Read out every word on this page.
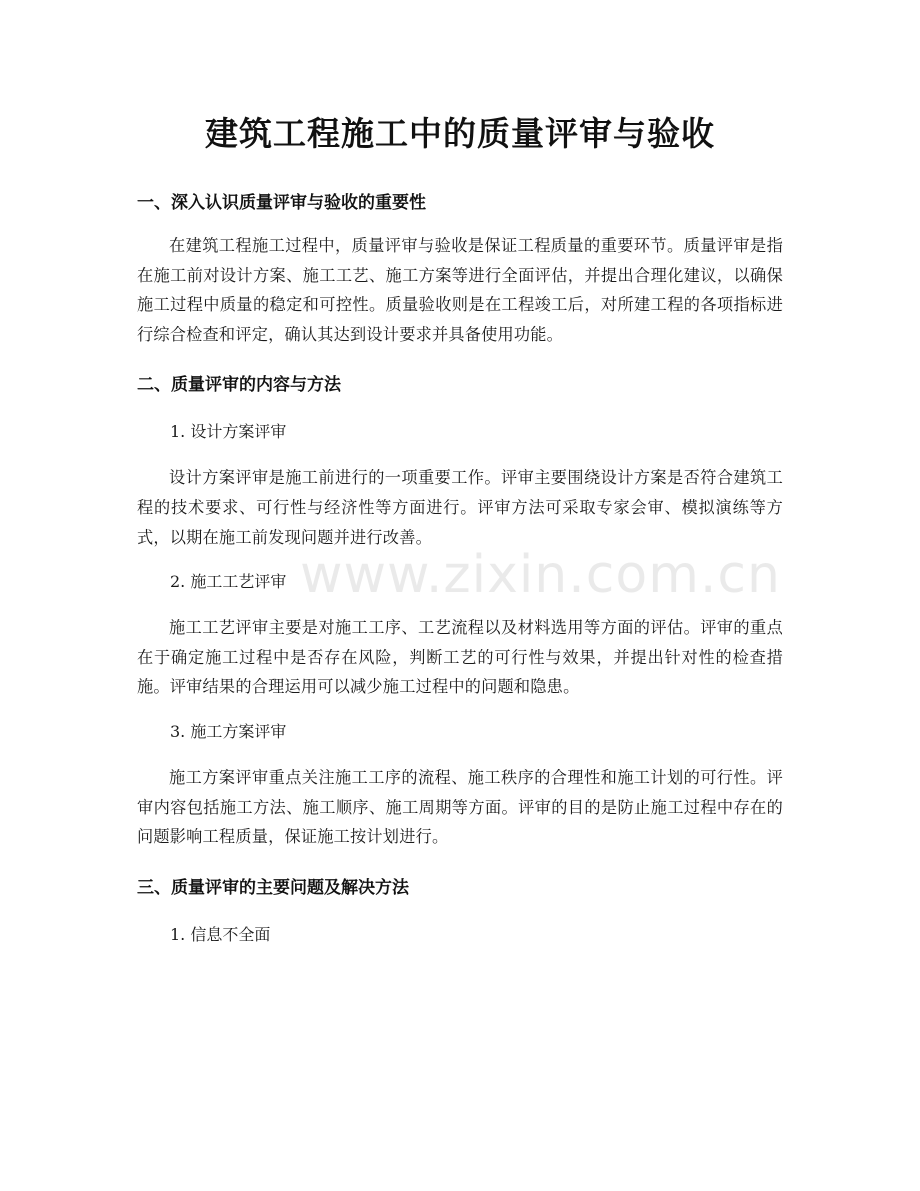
建筑工程施工中的质量评审与验收
www.zixin.com.cn
一、深入认识质量评审与验收的重要性

在建筑工程施工过程中，质量评审与验收是保证工程质量的重要环节。质量评审是指在施工前对设计方案、施工工艺、施工方案等进行全面评估，并提出合理化建议，以确保施工过程中质量的稳定和可控性。质量验收则是在工程竣工后，对所建工程的各项指标进行综合检查和评定，确认其达到设计要求并具备使用功能。

二、质量评审的内容与方法

1. 设计方案评审

设计方案评审是施工前进行的一项重要工作。评审主要围绕设计方案是否符合建筑工程的技术要求、可行性与经济性等方面进行。评审方法可采取专家会审、模拟演练等方式，以期在施工前发现问题并进行改善。

2. 施工工艺评审

施工工艺评审主要是对施工工序、工艺流程以及材料选用等方面的评估。评审的重点在于确定施工过程中是否存在风险，判断工艺的可行性与效果，并提出针对性的检查措施。评审结果的合理运用可以减少施工过程中的问题和隐患。

3. 施工方案评审

施工方案评审重点关注施工工序的流程、施工秩序的合理性和施工计划的可行性。评审内容包括施工方法、施工顺序、施工周期等方面。评审的目的是防止施工过程中存在的问题影响工程质量，保证施工按计划进行。

三、质量评审的主要问题及解决方法

1. 信息不全面
